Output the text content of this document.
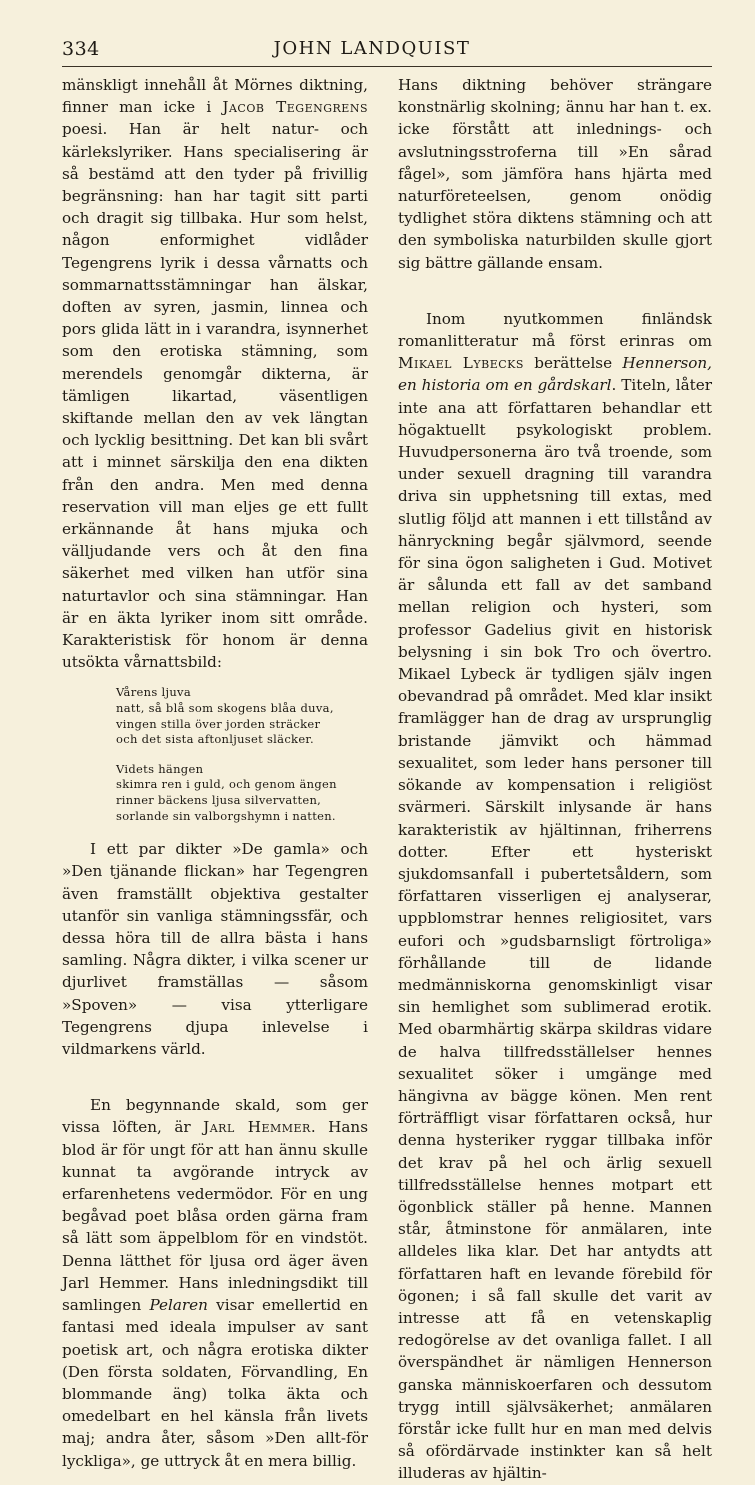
334	JOHN LANDQUIST

mänskligt innehåll åt Mörnes diktning, finner man icke i Jacob Tegengrens poesi. Han är helt natur- och kärlekslyriker. Hans specialisering är så bestämd att den tyder på frivillig begränsning: han har tagit sitt parti och dragit sig tillbaka. Hur som helst, någon enformighet vidlåder Tegengrens lyrik i dessa vårnatts och sommarnattsstämningar han älskar, doften av syren, jasmin, linnea och pors glida lätt in i varandra, isynnerhet som den erotiska stämning, som merendels genomgår dikterna, är tämligen likartad, väsentligen skiftande mellan den av vek längtan och lycklig besittning. Det kan bli svårt att i minnet särskilja den ena dikten från den andra. Men med denna reservation vill man eljes ge ett fullt erkännande åt hans mjuka och välljudande vers och åt den fina säkerhet med vilken han utför sina naturtavlor och sina stämningar. Han är en äkta lyriker inom sitt område. Karakteristisk för honom är denna utsökta vårnattsbild:

Vårens ljuva
natt, så blå som skogens blåa duva,
vingen stilla över jorden sträcker
och det sista aftonljuset släcker.
Videts hängen
skimra ren i guld, och genom ängen
rinner bäckens ljusa silvervatten,
sorlande sin valborgshymn i natten.

I ett par dikter »De gamla» och »Den tjänande flickan» har Tegengren även framställt objektiva gestalter utanför sin vanliga stämningssfär, och dessa höra till de allra bästa i hans samling. Några dikter, i vilka scener ur djurlivet framställas — såsom »Spoven» — visa ytterligare Tegengrens djupa inlevelse i vildmarkens värld.

En begynnande skald, som ger vissa löften, är Jarl Hemmer. Hans blod är för ungt för att han ännu skulle kunnat ta avgörande intryck av erfarenhetens vedermödor. För en ung begåvad poet blåsa orden gärna fram så lätt som äppelblom för en vindstöt. Denna lätthet för ljusa ord äger även Jarl Hemmer. Hans inledningsdikt till samlingen Pelaren visar emellertid en fantasi med ideala impulser av sant poetisk art, och några erotiska dikter (Den första soldaten, Förvandling, En blommande äng) tolka äkta och omedelbart en hel känsla från livets maj; andra åter, såsom »Den allt-för lyckliga», ge uttryck åt en mera billig.

Hans diktning behöver strängare konstnärlig skolning; ännu har han t. ex. icke förstått att inlednings- och avslutningsstroferna till »En sårad fågel», som jämföra hans hjärta med naturföreteelsen, genom onödig tydlighet störa diktens stämning och att den symboliska naturbilden skulle gjort sig bättre gällande ensam.

Inom nyutkommen finländsk romanlitteratur må först erinras om Mikael Lybecks berättelse Hennerson, en historia om en gårdskarl. Titeln, låter inte ana att författaren behandlar ett högaktuellt psykologiskt problem. Huvudpersonerna äro två troende, som under sexuell dragning till varandra driva sin upphetsning till extas, med slutlig följd att mannen i ett tillstånd av hänryckning begår självmord, seende för sina ögon saligheten i Gud. Motivet är sålunda ett fall av det samband mellan religion och hysteri, som professor Gadelius givit en historisk belysning i sin bok Tro och övertro. Mikael Lybeck är tydligen själv ingen obevandrad på området. Med klar insikt framlägger han de drag av ursprunglig bristande jämvikt och hämmad sexualitet, som leder hans personer till sökande av kompensation i religiöst svärmeri. Särskilt inlysande är hans karakteristik av hjältinnan, friherrens dotter. Efter ett hysteriskt sjukdomsanfall i pubertetsåldern, som författaren visserligen ej analyserar, uppblomstrar hennes religiositet, vars eufori och »gudsbarnsligt förtroliga» förhållande till de lidande medmänniskorna genomskinligt visar sin hemlighet som sublimerad erotik. Med obarmhärtig skärpa skildras vidare de halva tillfredsställelser hennes sexualitet söker i umgänge med hängivna av bägge könen. Men rent förträffligt visar författaren också, hur denna hysteriker ryggar tillbaka inför det krav på hel och ärlig sexuell tillfredsställelse hennes motpart ett ögonblick ställer på henne. Mannen står, åtminstone för anmälaren, inte alldeles lika klar. Det har antydts att författaren haft en levande förebild för ögonen; i så fall skulle det varit av intresse att få en vetenskaplig redogörelse av det ovanliga fallet. I all överspändhet är nämligen Hennerson ganska människoerfaren och dessutom trygg intill självsäkerhet; anmälaren förstår icke fullt hur en man med delvis så ofördärvade instinkter kan så helt illuderas av hjältin-
